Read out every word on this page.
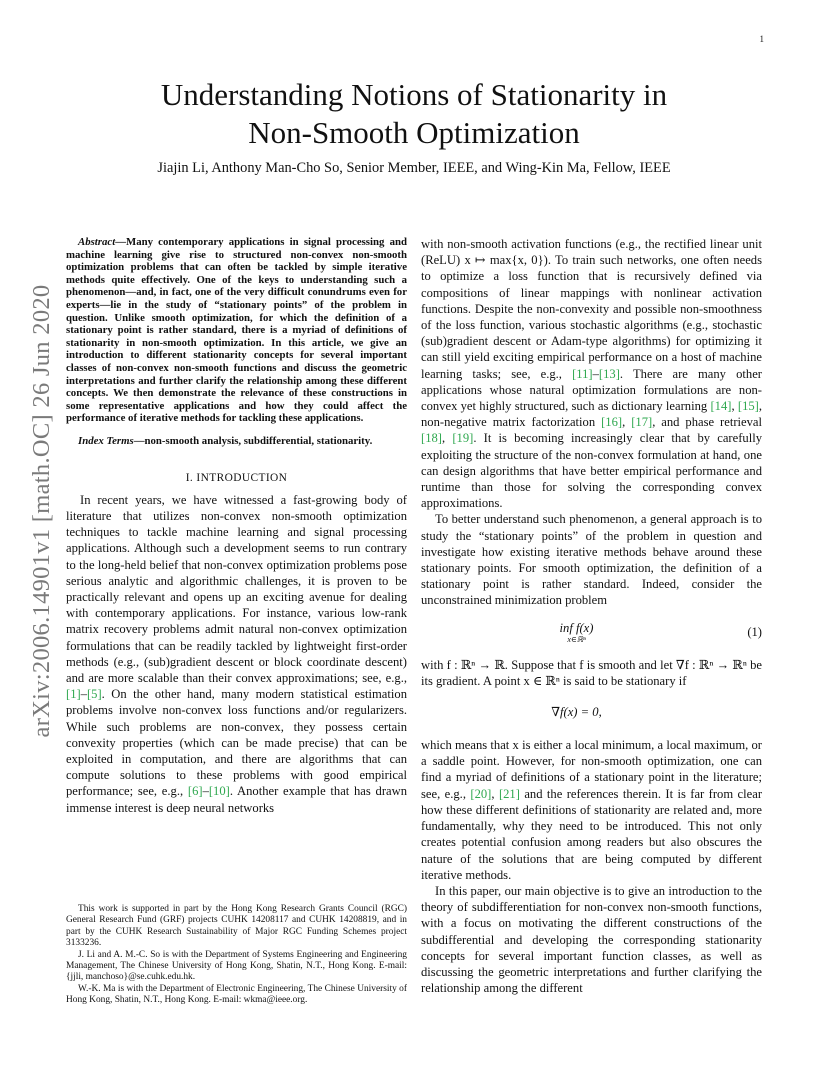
1
arXiv:2006.14901v1 [math.OC] 26 Jun 2020
Understanding Notions of Stationarity in
Non-Smooth Optimization
Jiajin Li, Anthony Man-Cho So, Senior Member, IEEE, and Wing-Kin Ma, Fellow, IEEE

Abstract—Many contemporary applications in signal processing and machine learning give rise to structured non-convex non-smooth optimization problems that can often be tackled by simple iterative methods quite effectively. One of the keys to understanding such a phenomenon—and, in fact, one of the very difficult conundrums even for experts—lie in the study of “stationary points” of the problem in question. Unlike smooth optimization, for which the definition of a stationary point is rather standard, there is a myriad of definitions of stationarity in non-smooth optimization. In this article, we give an introduction to different stationarity concepts for several important classes of non-convex non-smooth functions and discuss the geometric interpretations and further clarify the relationship among these different concepts. We then demonstrate the relevance of these constructions in some representative applications and how they could affect the performance of iterative methods for tackling these applications.

Index Terms—non-smooth analysis, subdifferential, stationarity.

I. INTRODUCTION

In recent years, we have witnessed a fast-growing body of literature that utilizes non-convex non-smooth optimization techniques to tackle machine learning and signal processing applications. Although such a development seems to run contrary to the long-held belief that non-convex optimization problems pose serious analytic and algorithmic challenges, it is proven to be practically relevant and opens up an exciting avenue for dealing with contemporary applications. For instance, various low-rank matrix recovery problems admit natural non-convex optimization formulations that can be readily tackled by lightweight first-order methods (e.g., (sub)gradient descent or block coordinate descent) and are more scalable than their convex approximations; see, e.g., [1]–[5]. On the other hand, many modern statistical estimation problems involve non-convex loss functions and/or regularizers. While such problems are non-convex, they possess certain convexity properties (which can be made precise) that can be exploited in computation, and there are algorithms that can compute solutions to these problems with good empirical performance; see, e.g., [6]–[10]. Another example that has drawn immense interest is deep neural networks

This work is supported in part by the Hong Kong Research Grants Council (RGC) General Research Fund (GRF) projects CUHK 14208117 and CUHK 14208819, and in part by the CUHK Research Sustainability of Major RGC Funding Schemes project 3133236.

J. Li and A. M.-C. So is with the Department of Systems Engineering and Engineering Management, The Chinese University of Hong Kong, Shatin, N.T., Hong Kong. E-mail: {jjli, manchoso}@se.cuhk.edu.hk.

W.-K. Ma is with the Department of Electronic Engineering, The Chinese University of Hong Kong, Shatin, N.T., Hong Kong. E-mail: wkma@ieee.org.

with non-smooth activation functions (e.g., the rectified linear unit (ReLU) x ↦ max{x, 0}). To train such networks, one often needs to optimize a loss function that is recursively defined via compositions of linear mappings with nonlinear activation functions. Despite the non-convexity and possible non-smoothness of the loss function, various stochastic algorithms (e.g., stochastic (sub)gradient descent or Adam-type algorithms) for optimizing it can still yield exciting empirical performance on a host of machine learning tasks; see, e.g., [11]–[13]. There are many other applications whose natural optimization formulations are non-convex yet highly structured, such as dictionary learning [14], [15], non-negative matrix factorization [16], [17], and phase retrieval [18], [19]. It is becoming increasingly clear that by carefully exploiting the structure of the non-convex formulation at hand, one can design algorithms that have better empirical performance and runtime than those for solving the corresponding convex approximations.

To better understand such phenomenon, a general approach is to study the “stationary points” of the problem in question and investigate how existing iterative methods behave around these stationary points. For smooth optimization, the definition of a stationary point is rather standard. Indeed, consider the unconstrained minimization problem

inf f(x)
x∈ℝⁿ
(1)

with f : ℝⁿ → ℝ. Suppose that f is smooth and let ∇f : ℝⁿ → ℝⁿ be its gradient. A point x ∈ ℝⁿ is said to be stationary if

∇f(x) = 0,

which means that x is either a local minimum, a local maximum, or a saddle point. However, for non-smooth optimization, one can find a myriad of definitions of a stationary point in the literature; see, e.g., [20], [21] and the references therein. It is far from clear how these different definitions of stationarity are related and, more fundamentally, why they need to be introduced. This not only creates potential confusion among readers but also obscures the nature of the solutions that are being computed by different iterative methods.

In this paper, our main objective is to give an introduction to the theory of subdifferentiation for non-convex non-smooth functions, with a focus on motivating the different constructions of the subdifferential and developing the corresponding stationarity concepts for several important function classes, as well as discussing the geometric interpretations and further clarifying the relationship among the different
